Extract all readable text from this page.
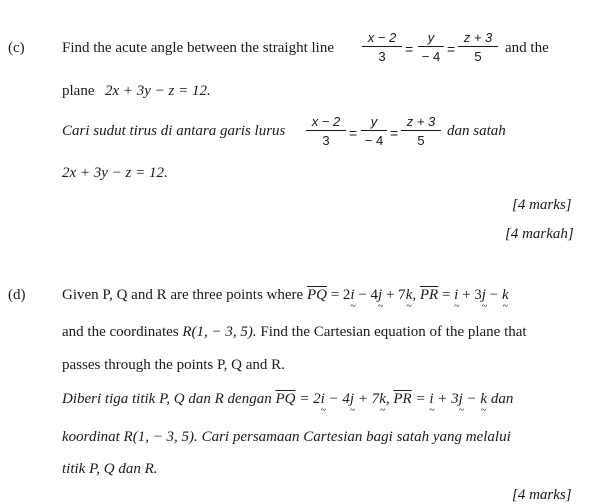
(c) Find the acute angle between the straight line $\frac{x - 2}{3} = \frac{y}{- 4} = \frac{z + 3}{5}$ and the
plane 2x + 3y − z = 12.
Cari sudut tirus di antara garis lurus $\frac{x - 2}{3} = \frac{y}{- 4} = \frac{z + 3}{5}$ dan satah
2x + 3y − z = 12.
[4 marks]
[4 markah]
(d) Given P, Q and R are three points where $\overline{PQ} = 2i$ ~ − 4j ~ + 7k ~, $\overline{PR} = i$ ~ + 3j ~ − k ~
and the coordinates R(1, − 3, 5). Find the Cartesian equation of the plane that
passes through the points P, Q and R.
Diberi tiga titik P, Q dan R dengan $\overline{PQ} = 2i$ ~ − 4j ~ + 7k ~, $\overline{PR} = i$ ~ + 3j ~ − k ~ dan
koordinat R(1, − 3, 5). Cari persamaan Cartesian bagi satah yang melalui
titik P, Q dan R.
[4 marks]
